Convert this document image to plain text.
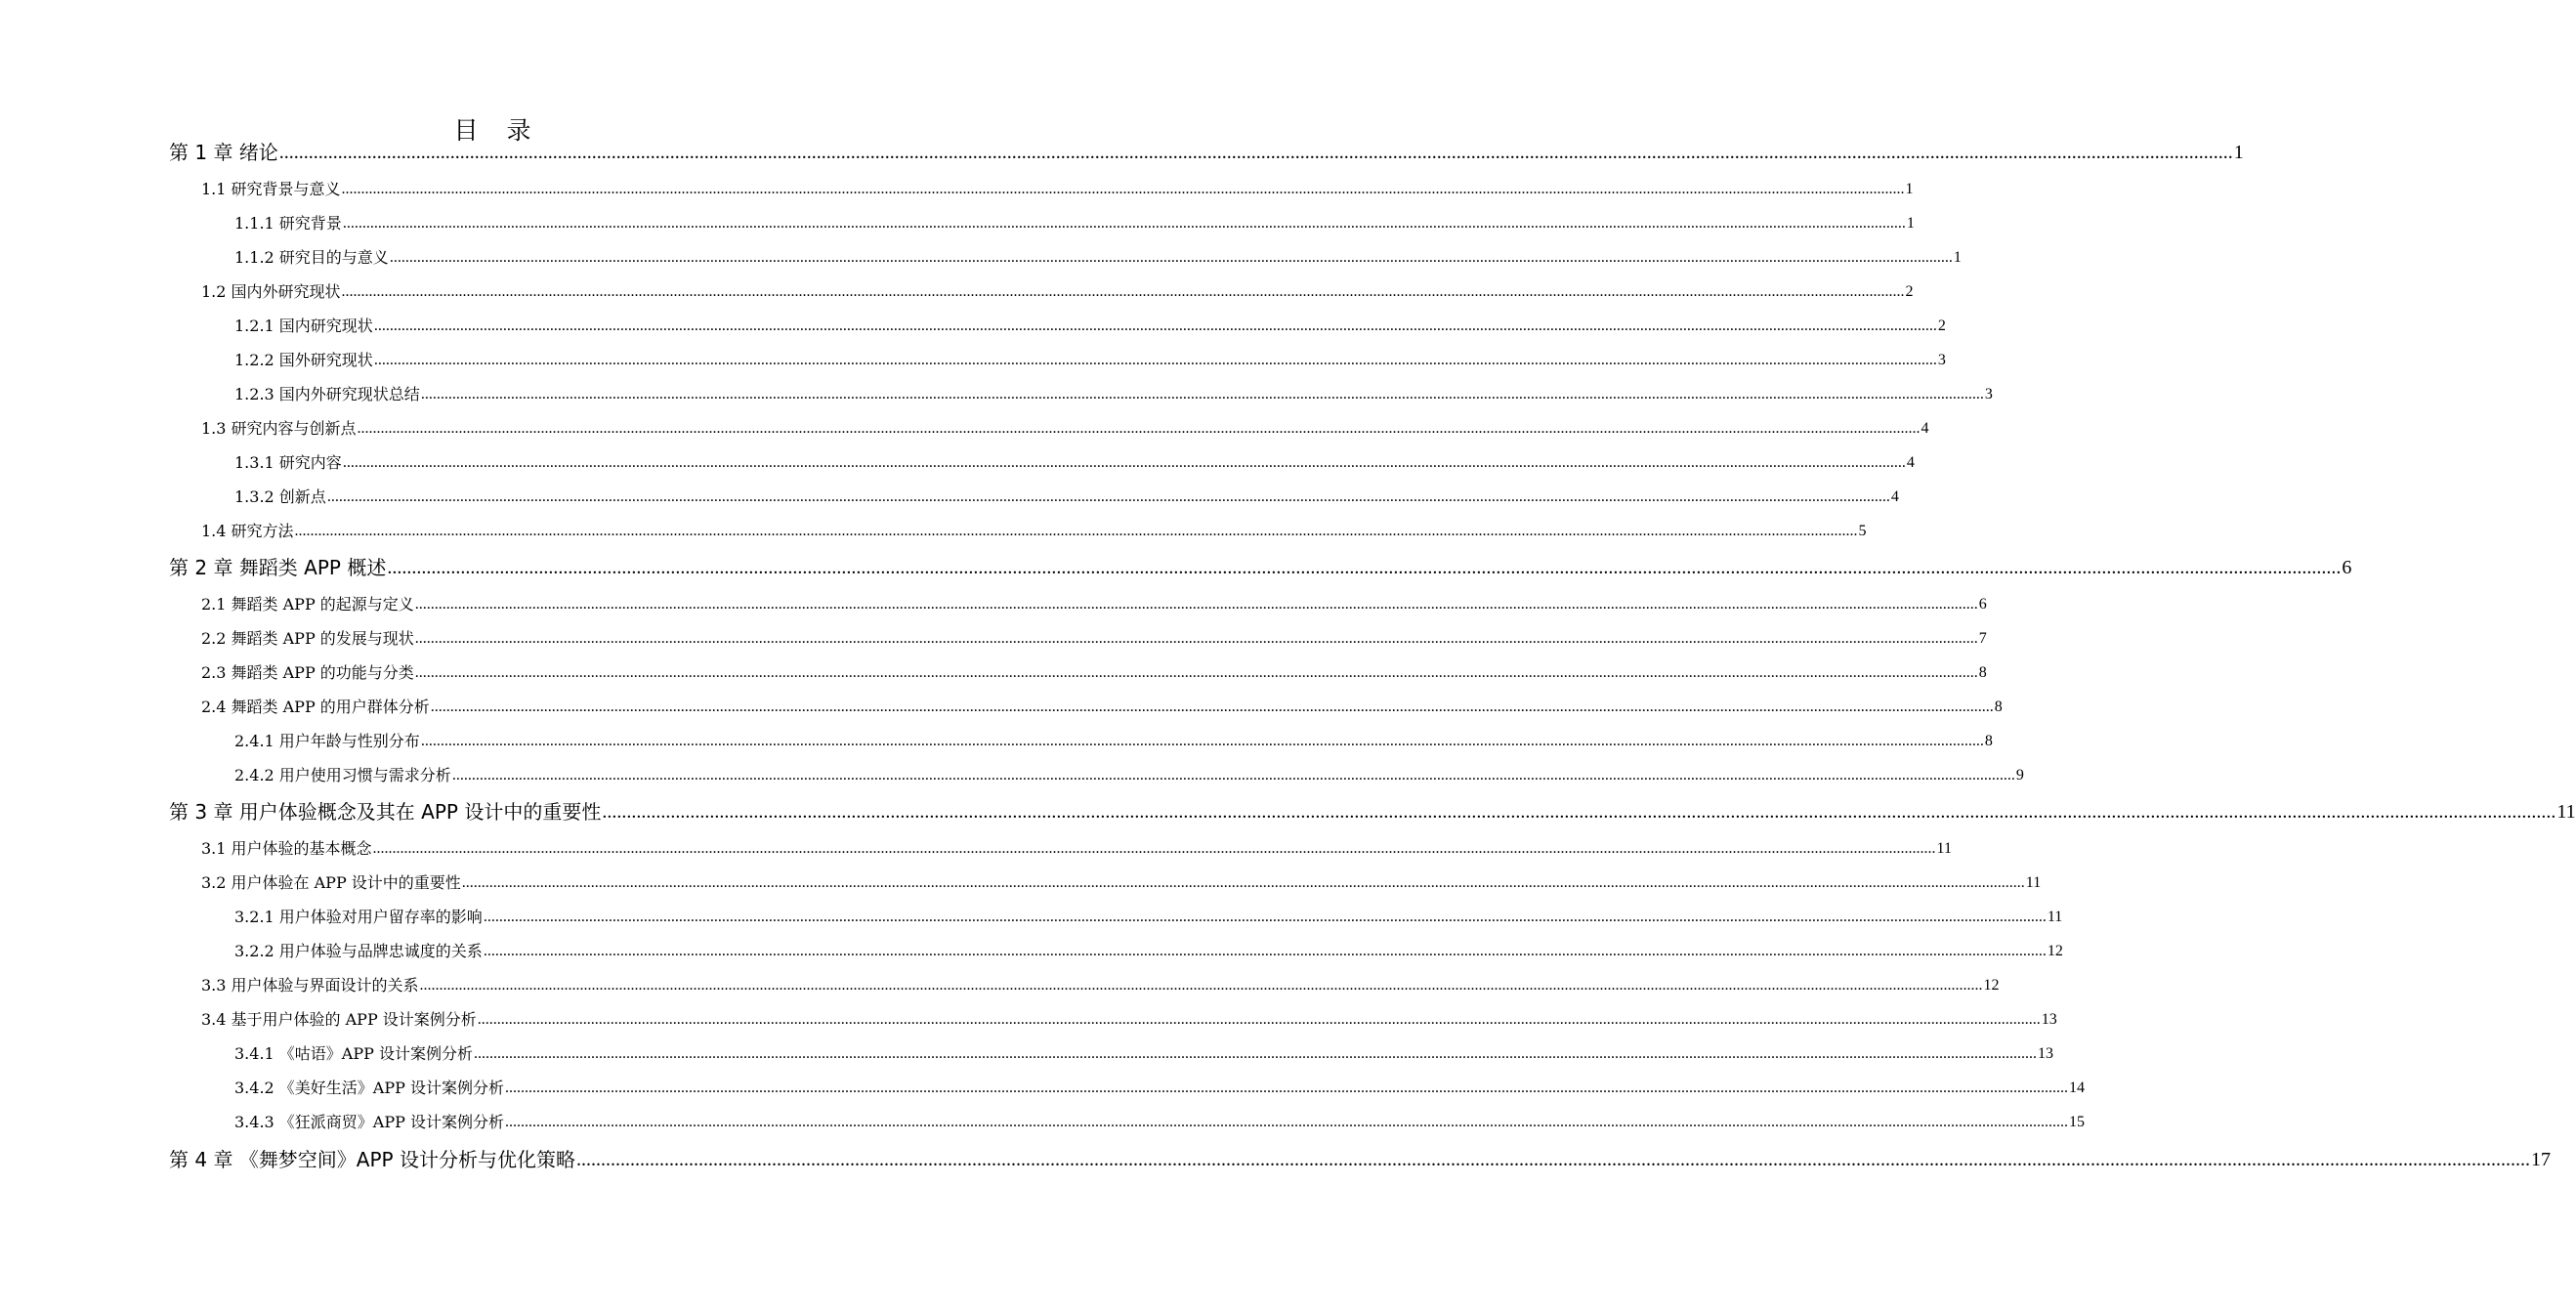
目　录
第 1 章 绪论 ................................................................................................................................................................................................................................................................................................................................................................................................................ 1
1.1 研究背景与意义 ................................................................................................................................................................................................................................................................................................................................................................................................................ 1
1.1.1 研究背景 ................................................................................................................................................................................................................................................................................................................................................................................................................ 1
1.1.2 研究目的与意义 ................................................................................................................................................................................................................................................................................................................................................................................................................ 1
1.2 国内外研究现状 ................................................................................................................................................................................................................................................................................................................................................................................................................ 2
1.2.1 国内研究现状 ................................................................................................................................................................................................................................................................................................................................................................................................................ 2
1.2.2 国外研究现状 ................................................................................................................................................................................................................................................................................................................................................................................................................ 3
1.2.3 国内外研究现状总结 ................................................................................................................................................................................................................................................................................................................................................................................................................ 3
1.3 研究内容与创新点 ................................................................................................................................................................................................................................................................................................................................................................................................................ 4
1.3.1 研究内容 ................................................................................................................................................................................................................................................................................................................................................................................................................ 4
1.3.2 创新点 ................................................................................................................................................................................................................................................................................................................................................................................................................ 4
1.4 研究方法 ................................................................................................................................................................................................................................................................................................................................................................................................................ 5
第 2 章 舞蹈类 APP 概述 ................................................................................................................................................................................................................................................................................................................................................................................................................ 6
2.1 舞蹈类 APP 的起源与定义 ................................................................................................................................................................................................................................................................................................................................................................................................................ 6
2.2 舞蹈类 APP 的发展与现状 ................................................................................................................................................................................................................................................................................................................................................................................................................ 7
2.3 舞蹈类 APP 的功能与分类 ................................................................................................................................................................................................................................................................................................................................................................................................................ 8
2.4 舞蹈类 APP 的用户群体分析 ................................................................................................................................................................................................................................................................................................................................................................................................................ 8
2.4.1 用户年龄与性别分布 ................................................................................................................................................................................................................................................................................................................................................................................................................ 8
2.4.2 用户使用习惯与需求分析 ................................................................................................................................................................................................................................................................................................................................................................................................................ 9
第 3 章 用户体验概念及其在 APP 设计中的重要性 ................................................................................................................................................................................................................................................................................................................................................................................................................ 11
3.1 用户体验的基本概念 ................................................................................................................................................................................................................................................................................................................................................................................................................ 11
3.2 用户体验在 APP 设计中的重要性 ................................................................................................................................................................................................................................................................................................................................................................................................................ 11
3.2.1 用户体验对用户留存率的影响 ................................................................................................................................................................................................................................................................................................................................................................................................................ 11
3.2.2 用户体验与品牌忠诚度的关系 ................................................................................................................................................................................................................................................................................................................................................................................................................ 12
3.3 用户体验与界面设计的关系 ................................................................................................................................................................................................................................................................................................................................................................................................................ 12
3.4 基于用户体验的 APP 设计案例分析 ................................................................................................................................................................................................................................................................................................................................................................................................................ 13
3.4.1 《咕语》APP 设计案例分析 ................................................................................................................................................................................................................................................................................................................................................................................................................ 13
3.4.2 《美好生活》APP 设计案例分析 ................................................................................................................................................................................................................................................................................................................................................................................................................ 14
3.4.3 《狂派商贸》APP 设计案例分析 ................................................................................................................................................................................................................................................................................................................................................................................................................ 15
第 4 章 《舞梦空间》APP 设计分析与优化策略 ................................................................................................................................................................................................................................................................................................................................................................................................................ 17
